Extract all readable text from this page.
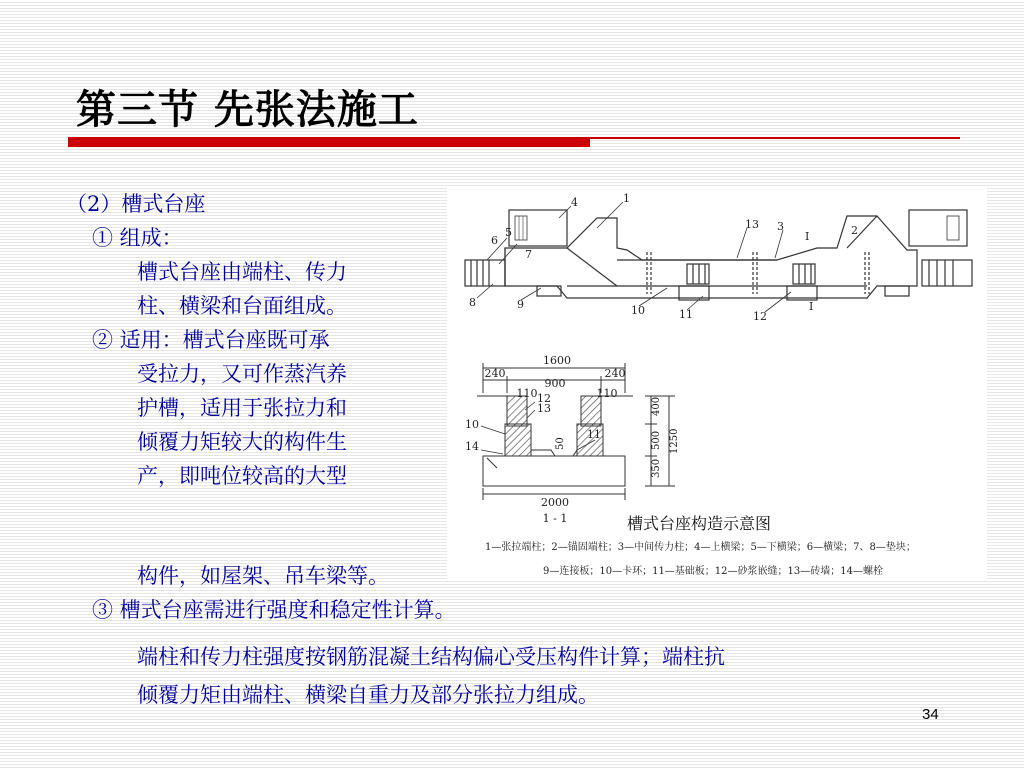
第三节 先张法施工
（2）槽式台座
① 组成：
槽式台座由端柱、传力
柱、横梁和台面组成。
② 适用：槽式台座既可承
受拉力，又可作蒸汽养
护槽，适用于张拉力和
倾覆力矩较大的构件生
产，即吨位较高的大型
1
4
5
6
7
8	9	10	11
13 3
12
2
I
I
1600
240
900
240
110	110
12
13
10
14
11
50
2000
1 - 1
400
500
350
1250
槽式台座构造示意图
1—张拉端柱；2—锚固端柱；3—中间传力柱；4—上横梁；5—下横梁；6—横梁；7、8—垫块；
9—连接板；10—卡环；11—基础板；12—砂浆嵌缝；13—砖墙；14—螺栓
构件，如屋架、吊车梁等。
③ 槽式台座需进行强度和稳定性计算。
端柱和传力柱强度按钢筋混凝土结构偏心受压构件计算；端柱抗
倾覆力矩由端柱、横梁自重力及部分张拉力组成。
34
